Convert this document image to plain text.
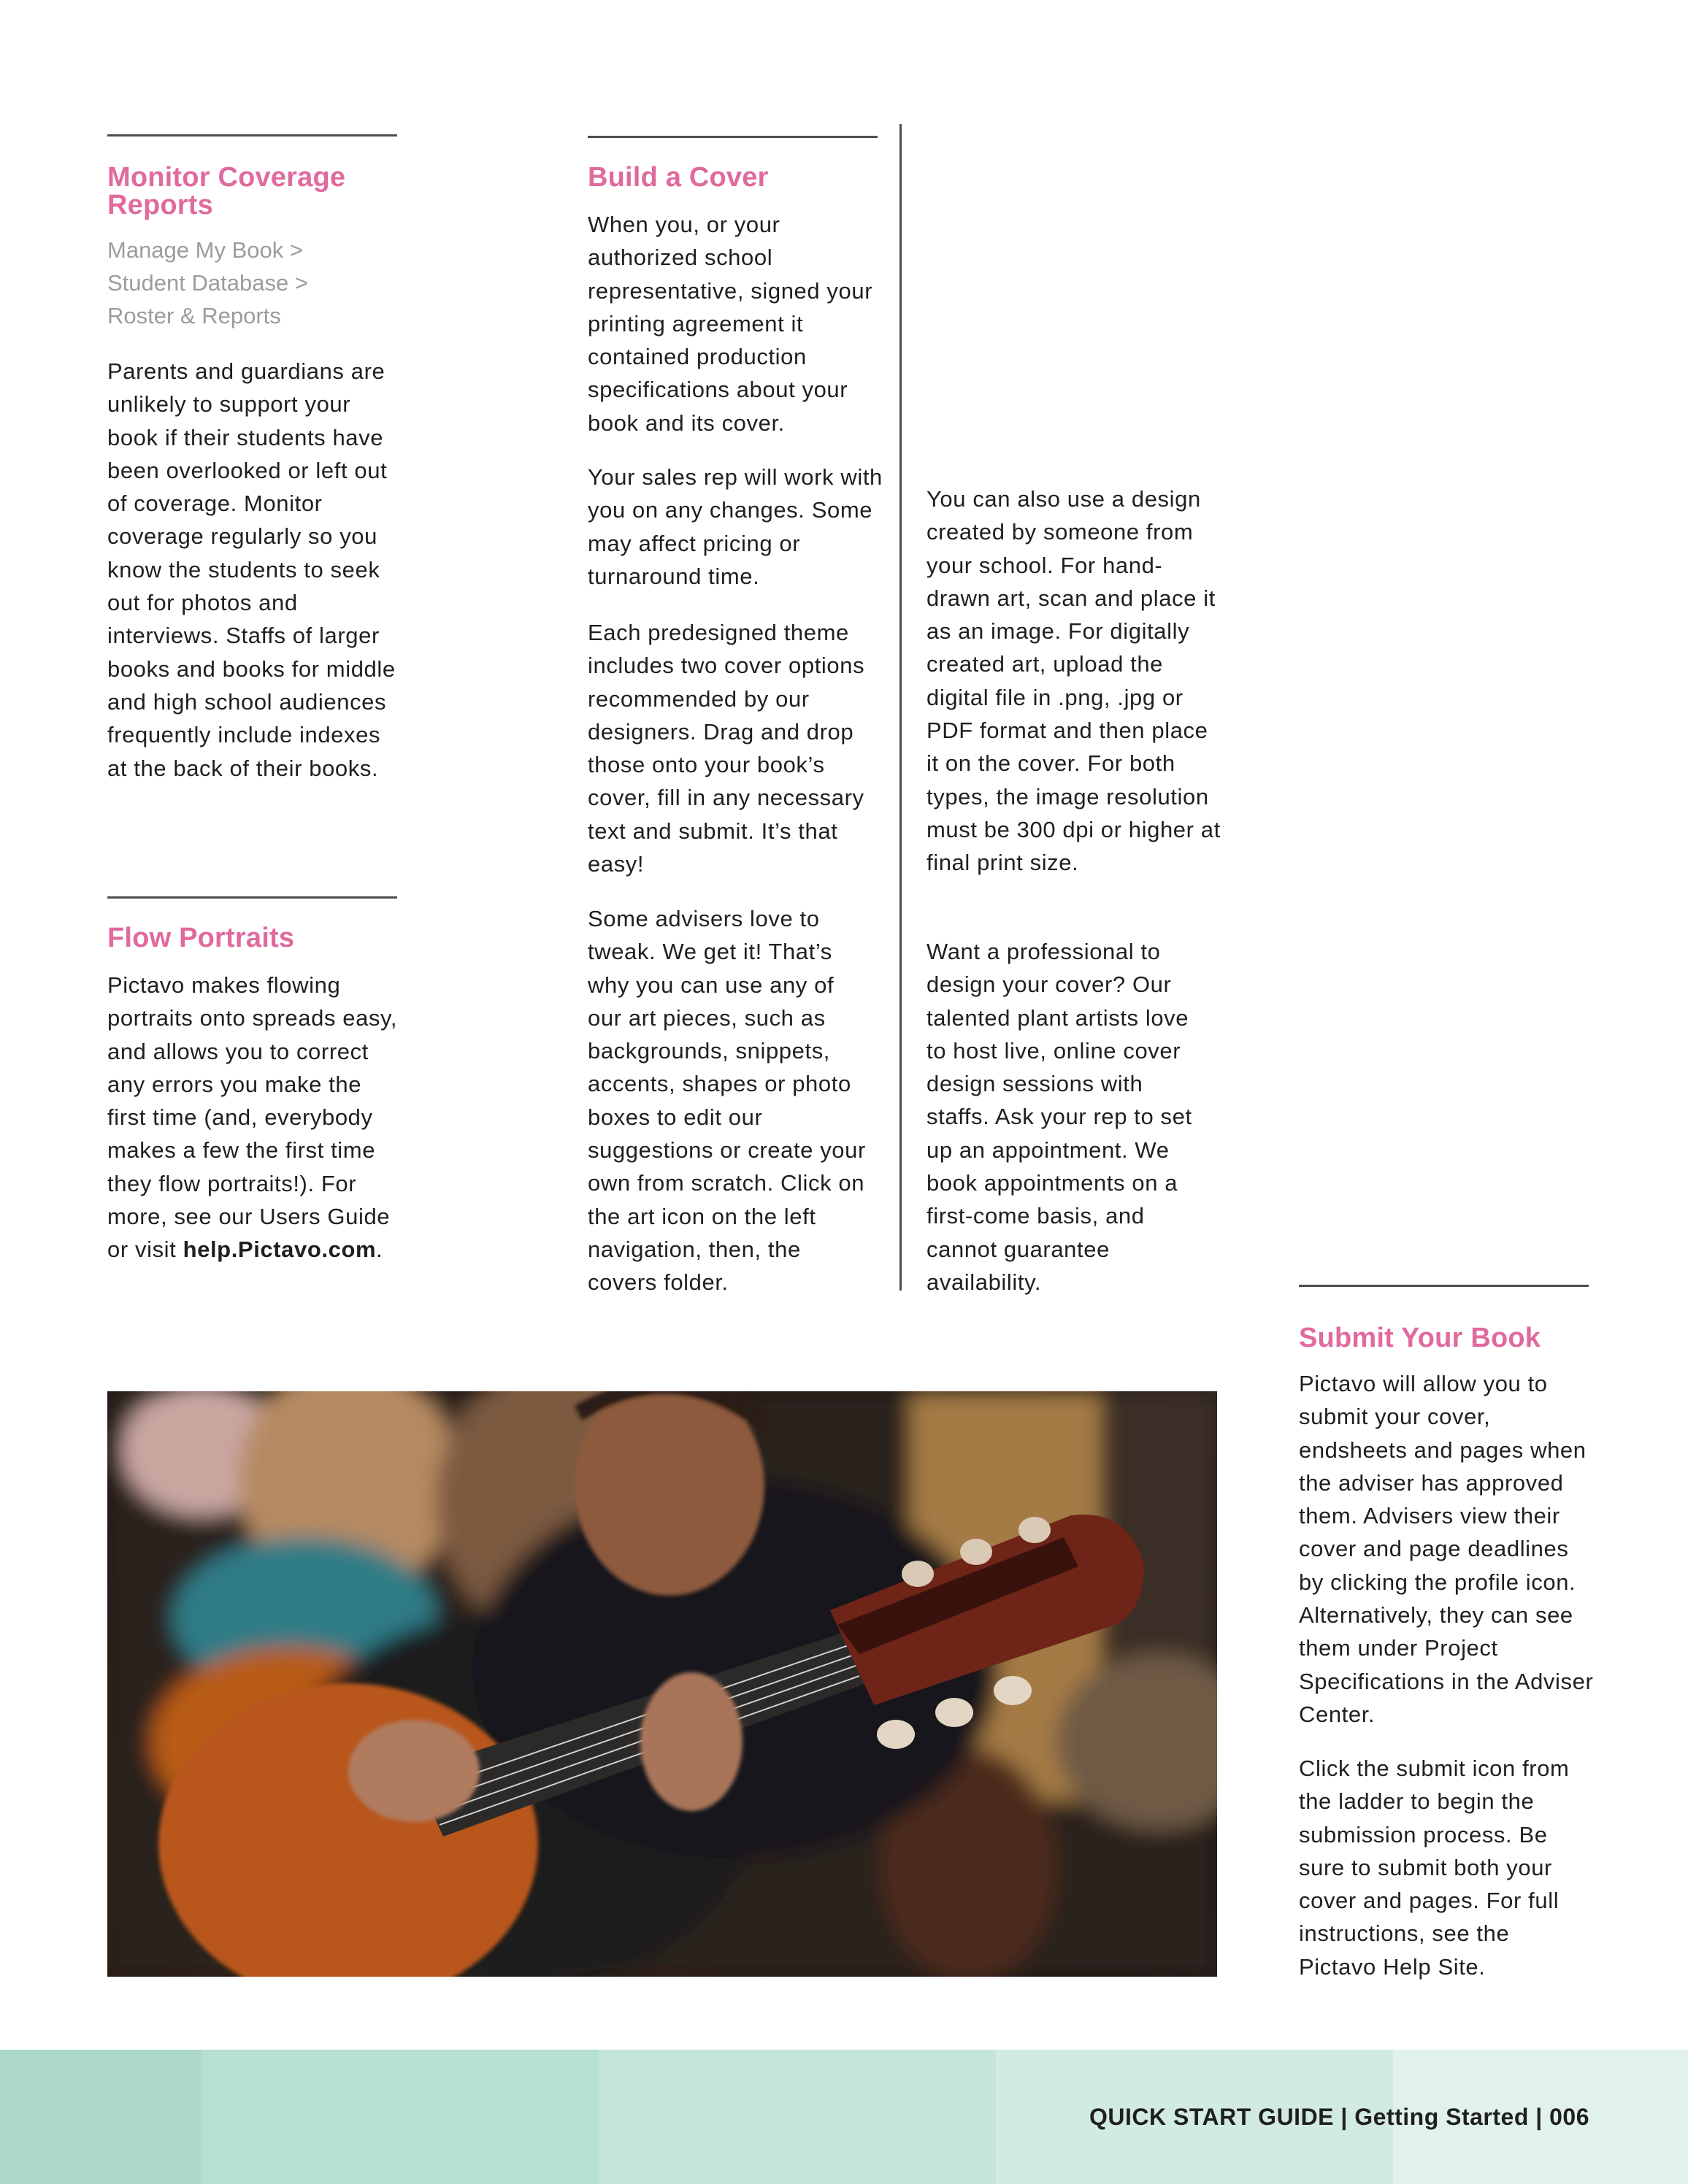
Monitor Coverage Reports

Manage My Book >

Student Database >

Roster & Reports

Parents and guardians are unlikely to support your book if their students have been overlooked or left out of coverage. Monitor coverage regularly so you know the students to seek out for photos and interviews. Staffs of larger books and books for middle and high school audiences frequently include indexes at the back of their books.

Flow Portraits

Pictavo makes flowing portraits onto spreads easy, and allows you to correct any errors you make the first time (and, everybody makes a few the first time they flow portraits!). For more, see our Users Guide or visit help.Pictavo.com.

Build a Cover

When you, or your authorized school representative, signed your printing agreement it contained production specifications about your book and its cover.

Your sales rep will work with you on any changes. Some may affect pricing or turnaround time.

Each predesigned theme includes two cover options recommended by our designers. Drag and drop those onto your book’s cover, fill in any necessary text and submit. It’s that easy!

Some advisers love to tweak. We get it! That’s why you can use any of our art pieces, such as backgrounds, snippets, accents, shapes or photo boxes to edit our suggestions or create your own from scratch. Click on the art icon on the left navigation, then, the covers folder.

You can also use a design created by someone from your school. For hand-drawn art, scan and place it as an image. For digitally created art, upload the digital file in .png, .jpg or PDF format and then place it on the cover. For both types, the image resolution must be 300 dpi or higher at final print size.

Want a professional to design your cover? Our talented plant artists love to host live, online cover design sessions with staffs. Ask your rep to set up an appointment. We book appointments on a first-come basis, and cannot guarantee availability.

Submit Your Book

Pictavo will allow you to submit your cover, endsheets and pages when the adviser has approved them. Advisers view their cover and page deadlines by clicking the profile icon. Alternatively, they can see them under Project Specifications in the Adviser Center.

Click the submit icon from the ladder to begin the submission process. Be sure to submit both your cover and pages. For full instructions, see the Pictavo Help Site.

QUICK START GUIDE | Getting Started | 006
